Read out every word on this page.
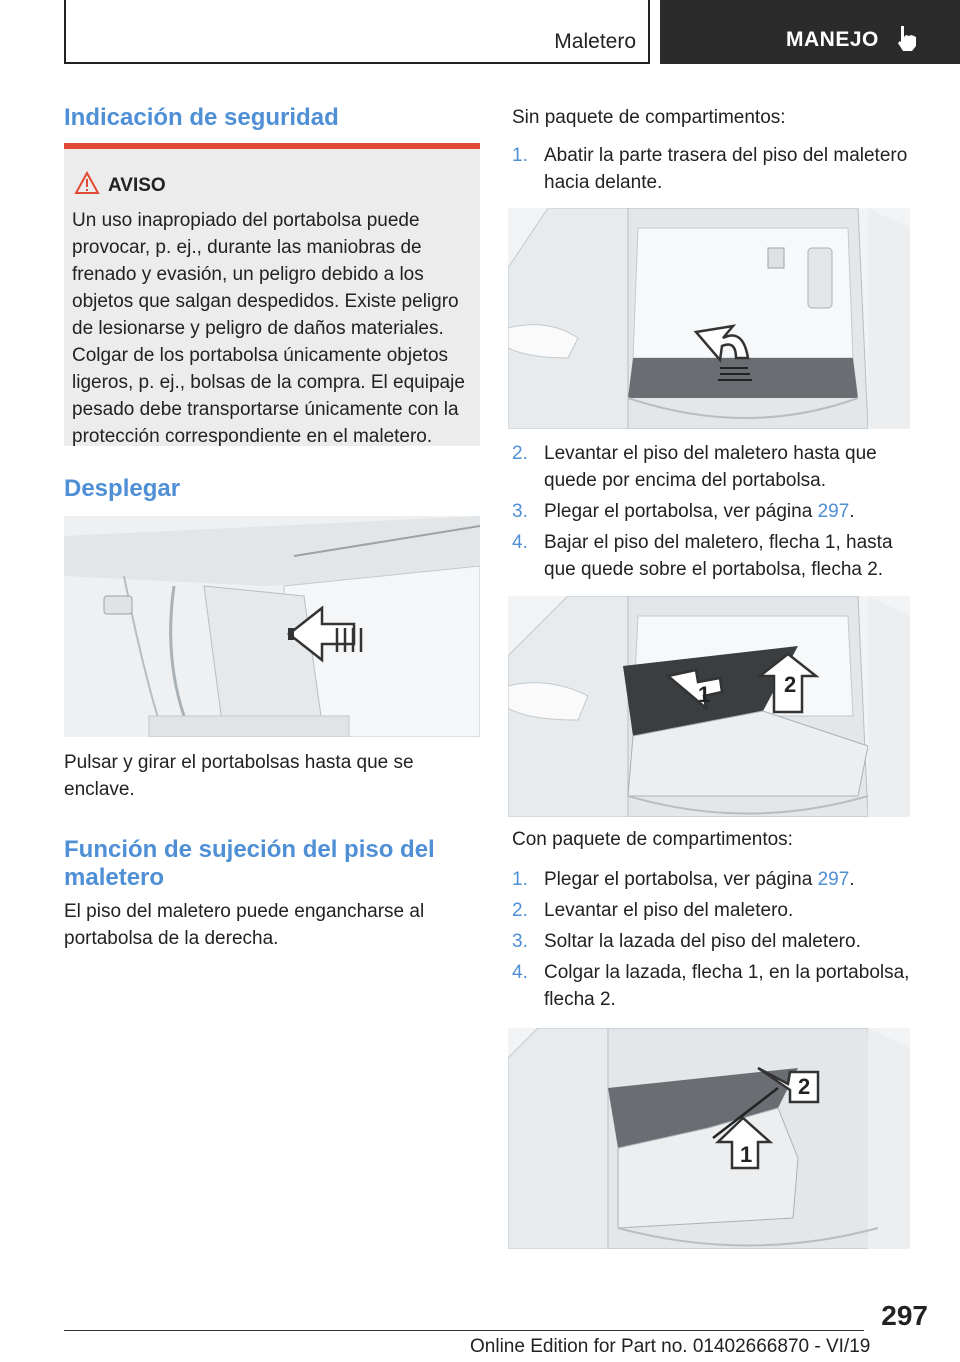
Maletero	MANEJO
Indicación de seguridad
AVISO
Un uso inapropiado del portabolsa puede provocar, p. ej., durante las maniobras de frenado y evasión, un peligro debido a los objetos que salgan despedidos. Existe peligro de lesionarse y peligro de daños materiales. Colgar de los portabolsa únicamente objetos ligeros, p. ej., bolsas de la compra. El equipaje pesado debe transportarse únicamente con la protección correspondiente en el maletero.
Desplegar

Pulsar y girar el portabolsas hasta que se enclave.

Función de sujeción del piso del maletero

El piso del maletero puede engancharse al portabolsa de la derecha.

Sin paquete de compartimentos:

1. Abatir la parte trasera del piso del maletero hacia delante.
2. Levantar el piso del maletero hasta que quede por encima del portabolsa.
3. Plegar el portabolsa, ver página 297.
4. Bajar el piso del maletero, flecha 1, hasta que quede sobre el portabolsa, flecha 2.
1	2

Con paquete de compartimentos:

1. Plegar el portabolsa, ver página 297.
2. Levantar el piso del maletero.
3. Soltar la lazada del piso del maletero.
4. Colgar la lazada, flecha 1, en la portabolsa, flecha 2.
2
1
297
Online Edition for Part no. 01402666870 - VI/19
